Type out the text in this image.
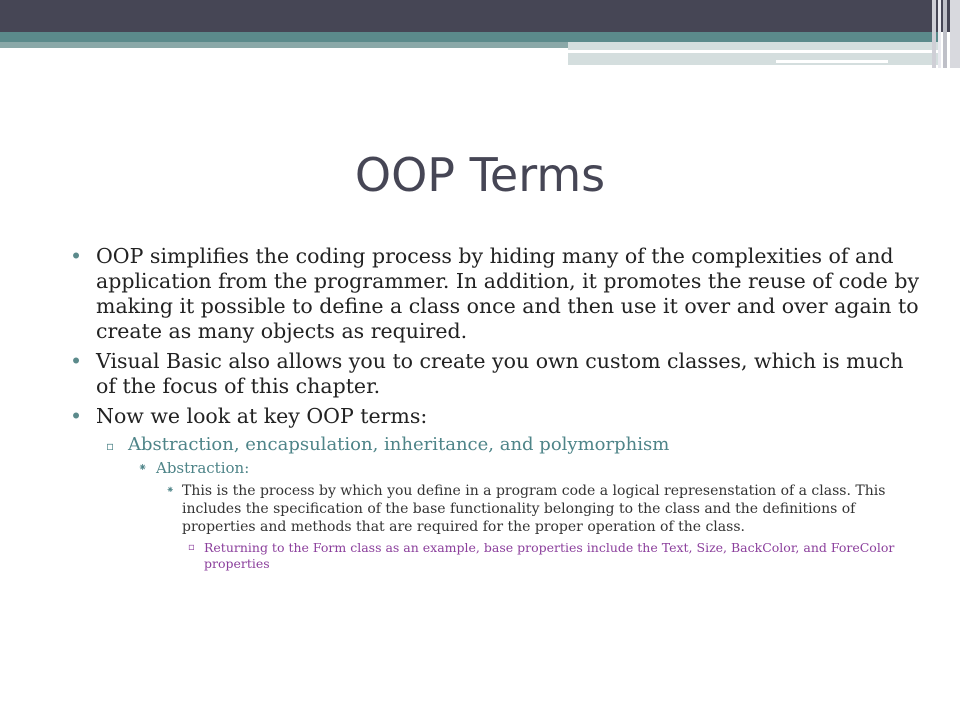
OOP Terms
• OOP simplifies the coding process by hiding many of the complexities of and application from the programmer. In addition, it promotes the reuse of code by making it possible to define a class once and then use it over and over again to create as many objects as required.
• Visual Basic also allows you to create you own custom classes, which is much of the focus of this chapter.
• Now we look at key OOP terms:
▫ Abstraction, encapsulation, inheritance, and polymorphism
⁕ Abstraction:
⁕ This is the process by which you define in a program code a logical represenstation of a class. This includes the specification of the base functionality belonging to the class and the definitions of properties and methods that are required for the proper operation of the class.
▫ Returning to the Form class as an example, base properties include the Text, Size, BackColor, and ForeColor properties
